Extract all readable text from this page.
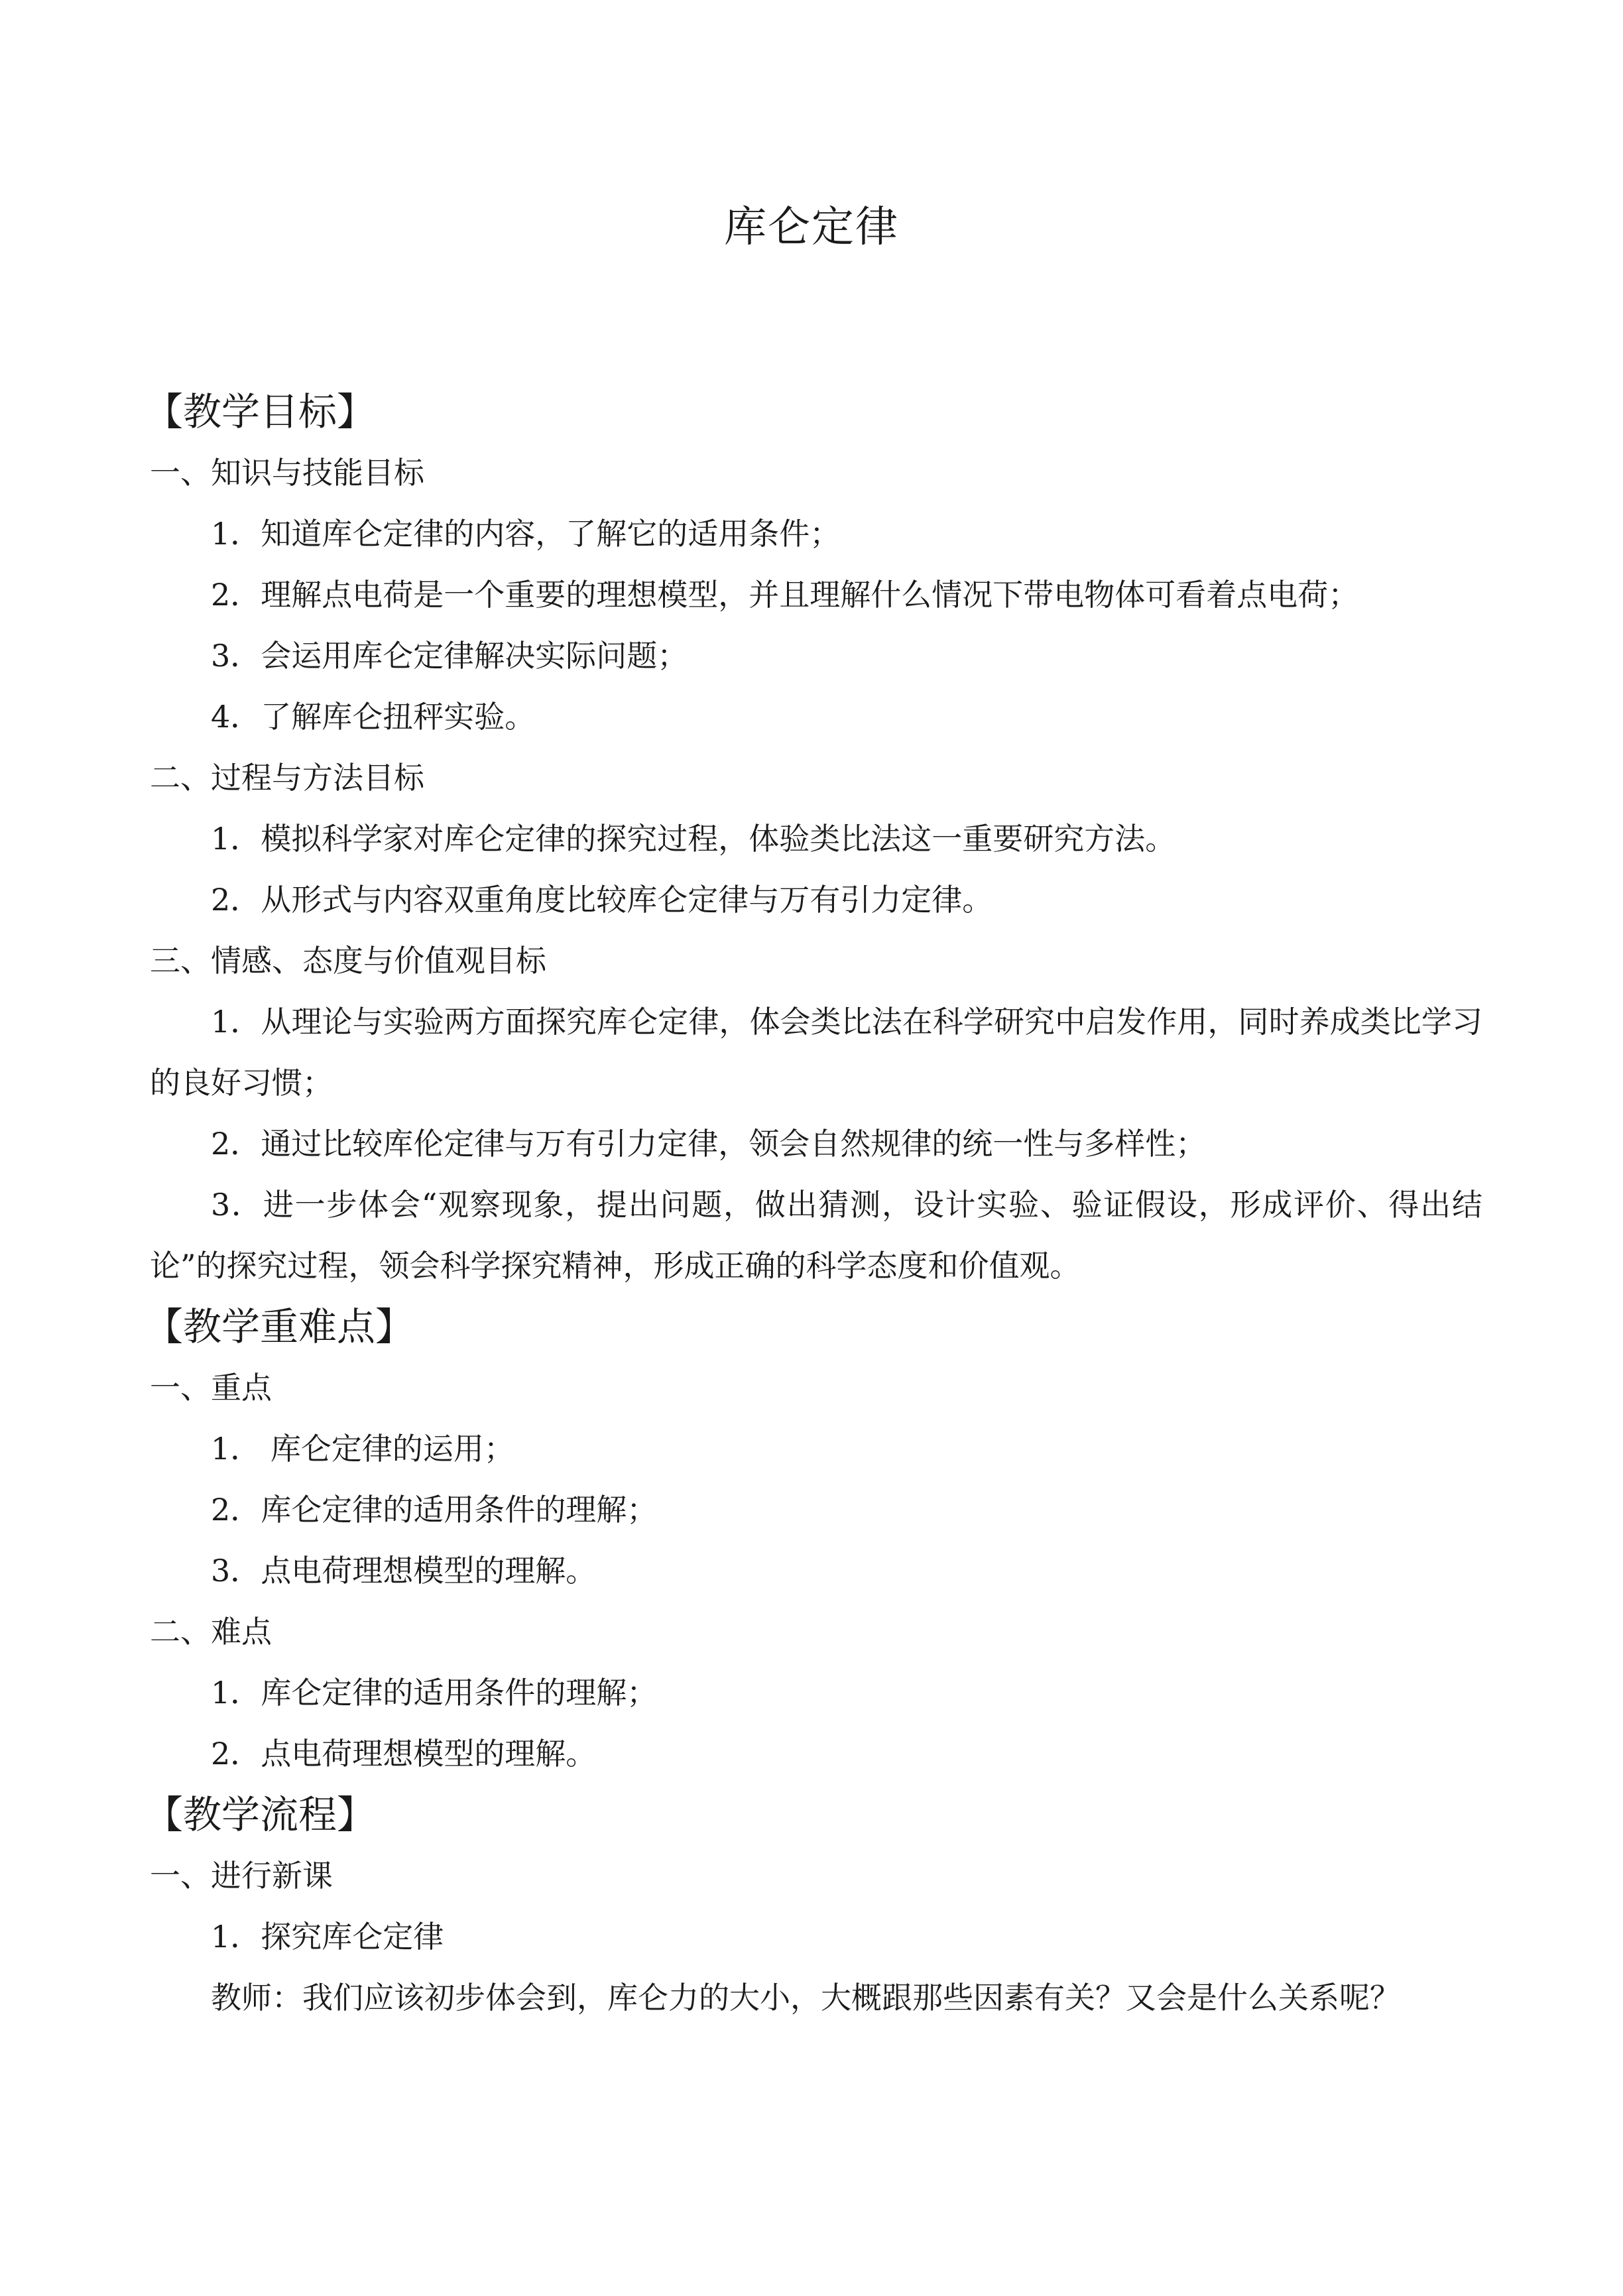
库仑定律
【教学目标】
一、知识与技能目标

1．知道库仑定律的内容，了解它的适用条件；

2．理解点电荷是一个重要的理想模型，并且理解什么情况下带电物体可看着点电荷；

3．会运用库仑定律解决实际问题；

4．了解库仑扭秤实验。

二、过程与方法目标

1．模拟科学家对库仑定律的探究过程，体验类比法这一重要研究方法。

2．从形式与内容双重角度比较库仑定律与万有引力定律。

三、情感、态度与价值观目标

1．从理论与实验两方面探究库仑定律，体会类比法在科学研究中启发作用，同时养成类比学习的良好习惯；

2．通过比较库伦定律与万有引力定律，领会自然规律的统一性与多样性；

3．进一步体会“观察现象，提出问题，做出猜测，设计实验、验证假设，形成评价、得出结论”的探究过程，领会科学探究精神，形成正确的科学态度和价值观。

【教学重难点】
一、重点

1． 库仑定律的运用；

2．库仑定律的适用条件的理解；

3．点电荷理想模型的理解。

二、难点

1．库仑定律的适用条件的理解；

2．点电荷理想模型的理解。

【教学流程】
一、进行新课

1．探究库仑定律

教师：我们应该初步体会到，库仑力的大小，大概跟那些因素有关？又会是什么关系呢？
